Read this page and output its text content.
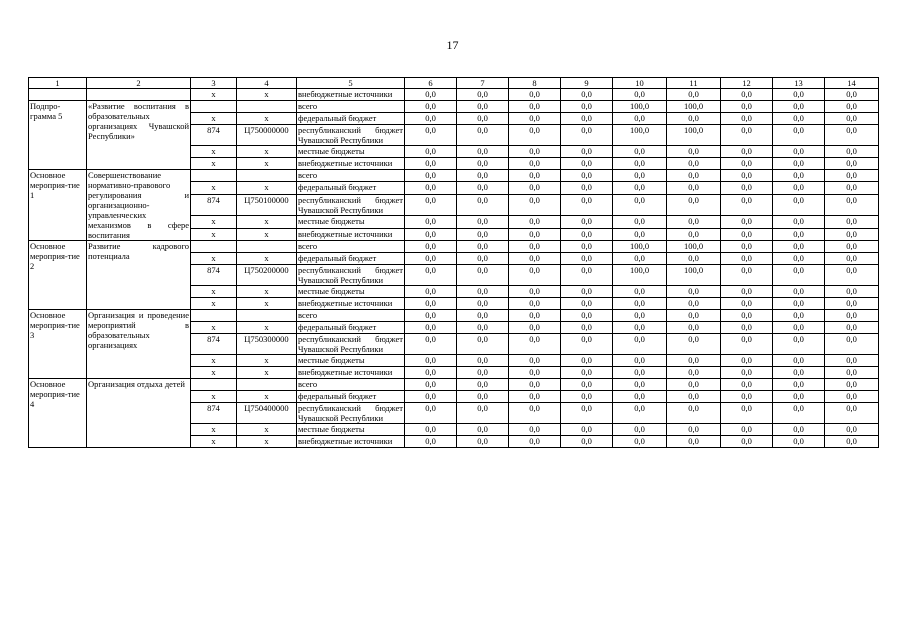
17
1	2	3	4	5	6	7	8	9	10	11	12	13	14
		х	х	внебюджетные источники	0,0	0,0	0,0	0,0	0,0	0,0	0,0	0,0	0,0
Подпро-грамма 5	«Развитие воспитания в образовательных организациях Чувашской Республики»			всего	0,0	0,0	0,0	0,0	100,0	100,0	0,0	0,0	0,0
		х	х	федеральный бюджет	0,0	0,0	0,0	0,0	0,0	0,0	0,0	0,0	0,0
		874	Ц750000000	республиканский бюджет Чувашской Республики	0,0	0,0	0,0	0,0	100,0	100,0	0,0	0,0	0,0
		х	х	местные бюджеты	0,0	0,0	0,0	0,0	0,0	0,0	0,0	0,0	0,0
		х	х	внебюджетные источники	0,0	0,0	0,0	0,0	0,0	0,0	0,0	0,0	0,0
Основное мероприя-тие 1	Совершенствование нормативно-правового регулирования и организационно-управленческих механизмов в сфере воспитания			всего	0,0	0,0	0,0	0,0	0,0	0,0	0,0	0,0	0,0
		х	х	федеральный бюджет	0,0	0,0	0,0	0,0	0,0	0,0	0,0	0,0	0,0
		874	Ц750100000	республиканский бюджет Чувашской Республики	0,0	0,0	0,0	0,0	0,0	0,0	0,0	0,0	0,0
		х	х	местные бюджеты	0,0	0,0	0,0	0,0	0,0	0,0	0,0	0,0	0,0
		х	х	внебюджетные источники	0,0	0,0	0,0	0,0	0,0	0,0	0,0	0,0	0,0
Основное мероприя-тие 2	Развитие кадрового потенциала			всего	0,0	0,0	0,0	0,0	100,0	100,0	0,0	0,0	0,0
		х	х	федеральный бюджет	0,0	0,0	0,0	0,0	0,0	0,0	0,0	0,0	0,0
		874	Ц750200000	республиканский бюджет Чувашской Республики	0,0	0,0	0,0	0,0	100,0	100,0	0,0	0,0	0,0
		х	х	местные бюджеты	0,0	0,0	0,0	0,0	0,0	0,0	0,0	0,0	0,0
		х	х	внебюджетные источники	0,0	0,0	0,0	0,0	0,0	0,0	0,0	0,0	0,0
Основное мероприя-тие 3	Организация и проведение мероприятий в образовательных организациях			всего	0,0	0,0	0,0	0,0	0,0	0,0	0,0	0,0	0,0
		х	х	федеральный бюджет	0,0	0,0	0,0	0,0	0,0	0,0	0,0	0,0	0,0
		874	Ц750300000	республиканский бюджет Чувашской Республики	0,0	0,0	0,0	0,0	0,0	0,0	0,0	0,0	0,0
		х	х	местные бюджеты	0,0	0,0	0,0	0,0	0,0	0,0	0,0	0,0	0,0
		х	х	внебюджетные источники	0,0	0,0	0,0	0,0	0,0	0,0	0,0	0,0	0,0
Основное мероприя-тие 4	Организация отдыха детей			всего	0,0	0,0	0,0	0,0	0,0	0,0	0,0	0,0	0,0
		х	х	федеральный бюджет	0,0	0,0	0,0	0,0	0,0	0,0	0,0	0,0	0,0
		874	Ц750400000	республиканский бюджет Чувашской Республики	0,0	0,0	0,0	0,0	0,0	0,0	0,0	0,0	0,0
		х	х	местные бюджеты	0,0	0,0	0,0	0,0	0,0	0,0	0,0	0,0	0,0
		х	х	внебюджетные источники	0,0	0,0	0,0	0,0	0,0	0,0	0,0	0,0	0,0
